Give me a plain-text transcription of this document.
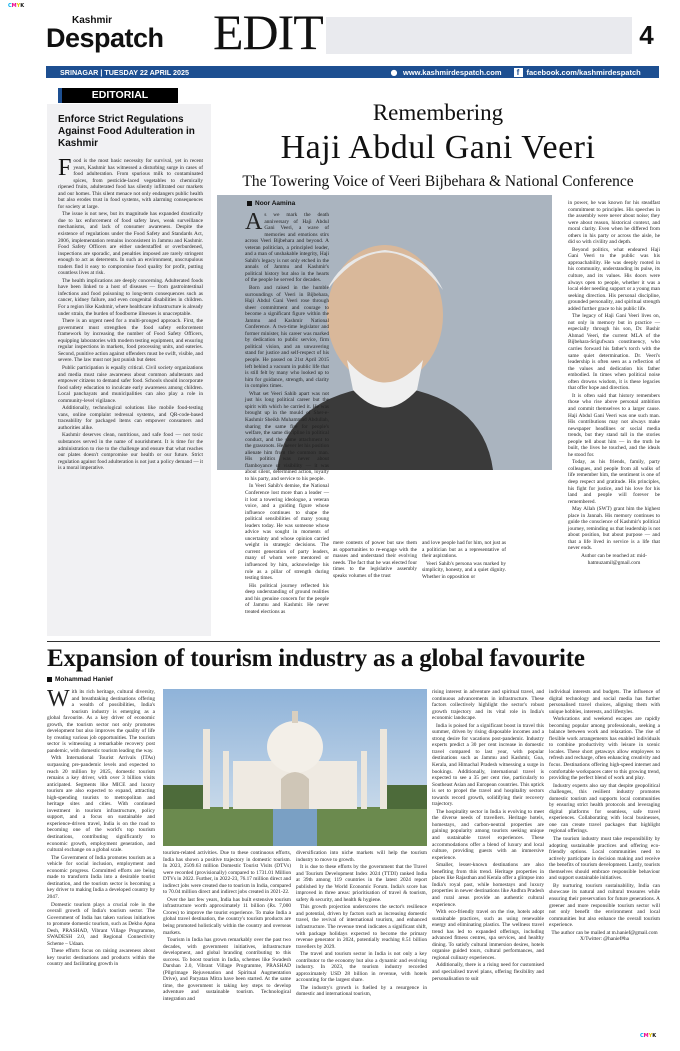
C M Y K
Kashmir
Despatch EDIT	4
SRINAGAR | TUESDAY 22 APRIL 2025	● www.kashmirdespatch.com	f facebook.com/kashmirdespatch
EDITORIAL
Enforce Strict Regulations Against Food Adulteration in Kashmir

Food is the most basic necessity for survival, yet in recent years, Kashmir has witnessed a disturbing surge in cases of food adulteration. From spurious milk to contaminated spices, from pesticide-laced vegetables to chemically ripened fruits, adulterated food has silently infiltrated our markets and our homes. This silent menace not only endangers public health but also erodes trust in food systems, with alarming consequences for society at large.

The issue is not new, but its magnitude has expanded drastically due to lax enforcement of food safety laws, weak surveillance mechanisms, and lack of consumer awareness. Despite the existence of regulations under the Food Safety and Standards Act, 2006, implementation remains inconsistent in Jammu and Kashmir. Food Safety Officers are either understaffed or overburdened, inspections are sporadic, and penalties imposed are rarely stringent enough to act as deterrents. In such an environment, unscrupulous traders find it easy to compromise food quality for profit, putting countless lives at risk.

The health implications are deeply concerning. Adulterated foods have been linked to a host of diseases — from gastrointestinal infections and food poisoning to long-term consequences such as cancer, kidney failure, and even congenital disabilities in children. For a region like Kashmir, where healthcare infrastructure is already under strain, the burden of foodborne illnesses is unacceptable.

There is an urgent need for a multi-pronged approach. First, the government must strengthen the food safety enforcement framework by increasing the number of Food Safety Officers, equipping laboratories with modern testing equipment, and ensuring regular inspections in markets, food processing units, and eateries. Second, punitive action against offenders must be swift, visible, and severe. The law must not just punish but deter.

Public participation is equally critical. Civil society organizations and media must raise awareness about common adulterants and empower citizens to demand safer food. Schools should incorporate food safety education to inculcate early awareness among children. Local panchayats and municipalities can also play a role in community-level vigilance.

Additionally, technological solutions like mobile food-testing vans, online complaint redressal systems, and QR-code-based traceability for packaged items can empower consumers and authorities alike.

Kashmir deserves clean, nutritious, and safe food — not toxic substances served in the name of nourishment. It is time for the administration to rise to the challenge and ensure that what reaches our plates doesn't compromise our health or our future. Strict regulation against food adulteration is not just a policy demand — it is a moral imperative.

Remembering
Haji Abdul Gani Veeri
The Towering Voice of Veeri Bijbehara & National Conference
Noor Aamina

As we mark the death anniversary of Haji Abdul Gani Veeri, a wave of memories and emotions stirs across Veeri Bijbehara and beyond. A veteran politician, a principled leader, and a man of unshakable integrity, Haji Sahib's legacy is not only etched in the annals of Jammu and Kashmir's political history but also in the hearts of the people he served for decades.

Born and raised in the humble surroundings of Veeri in Bijbehara, Haji Abdul Gani Veeri rose through sheer commitment and courage to become a significant figure within the Jammu and Kashmir National Conference. A two-time legislator and former minister, his career was marked by dedication to public service, firm political vision, and an unwavering stand for justice and self-respect of his people. He passed on 21st April 2015 left behind a vacuum in public life that is still felt by many who looked up to him for guidance, strength, and clarity in complex times.

What set Veeri Sahib apart was not just his long political career but the spirit with which he carried it. He was brought up in the mould of Sher-e-Kashmir Sheikh Muhammad Abdullah, sharing the same fire for people's welfare, the same discipline in political conduct, and the same attachment to the grassroots. He never let his position alienate him from the common man. His politics was never about flamboyance or visibility — it was about silent, determined action, loyalty to his party, and service to his people.

In Veeri Sahib's demise, the National Conference lost more than a leader — it lost a towering ideologue, a veteran voice, and a guiding figure whose influence continues to shape the political sensibilities of many young leaders today. He was someone whose advice was sought in moments of uncertainty and whose opinion carried weight in strategic decisions. The current generation of party leaders, many of whom were mentored or influenced by him, acknowledge his role as a pillar of strength during testing times.

His political journey reflected his deep understanding of ground realities and his genuine concern for the people of Jammu and Kashmir. He never treated elections as

mere contests of power but saw them as opportunities to re-engage with the masses and understand their evolving needs. The fact that he was elected four times to the legislative assembly speaks volumes of the trust

and love people had for him, not just as a politician but as a representative of their aspirations.

Veeri Sahib's persona was marked by simplicity, honesty, and a quiet dignity. Whether in opposition or

in power, he was known for his steadfast commitment to principles. His speeches in the assembly were never about noise; they were about reason, historical context, and moral clarity. Even when he differed from others in his party or across the aisle, he did so with civility and depth.

Beyond politics, what endeared Haji Gani Veeri to the public was his approachability. He was deeply rooted in his community, understanding its pulse, its culture, and its values. His doors were always open to people, whether it was a local elder needing support or a young man seeking direction. His personal discipline, grounded personality, and spiritual strength added further grace to his public life.

The legacy of Haji Gani Veeri lives on, not only in memory but in practice — especially through his son, Dr. Bashir Ahmad Veeri, the current MLA of the Bijbehara-Srigufwara constituency, who carries forward his father's torch with the same quiet determination. Dr. Veeri's leadership is often seen as a reflection of the values and dedication his father embodied. In times when political noise often drowns wisdom, it is these legacies that offer hope and direction.

It is often said that history remembers those who rise above personal ambition and commit themselves to a larger cause. Haji Abdul Gani Veeri was one such man. His contributions may not always make newspaper headlines or social media trends, but they stand tall in the stories people tell about him — in the truth he built, the lives he touched, and the ideals he stood for.

Today, as his friends, family, party colleagues, and people from all walks of life remember him, the sentiment is one of deep respect and gratitude. His principles, his fight for justice, and his love for his land and people will forever be remembered.

May Allah (SWT) grant him the highest place in Jannah. His memory continues to guide the conscience of Kashmir's political journey, reminding us that leadership is not about position, but about purpose — and that a life lived in service is a life that never ends.

Author can be reached at: mid-hatmuzamil@gmail.com

Expansion of tourism industry as a global favourite
Mohammad Hanief

With its rich heritage, cultural diversity, and breathtaking destinations offering a wealth of possibilities, India's tourism industry is emerging as a global favourite. As a key driver of economic growth, the tourism sector not only promotes development but also improves the quality of life by creating various job opportunities. The tourism sector is witnessing a remarkable recovery post pandemic, with domestic tourism leading the way.

With International Tourist Arrivals (ITAs) surpassing pre-pandemic levels and expected to reach 20 million by 2025, domestic tourism remains a key driver, with over 3 billion visits anticipated. Segments like MICE and luxury tourism are also expected to expand, attracting high-spending tourists to metropolitan and heritage sites and cities. With continued investment in tourism infrastructure, policy support, and a focus on sustainable and experience-driven travel, India is on the road to becoming one of the world's top tourism destinations, contributing significantly to economic growth, employment generation, and cultural exchange on a global scale.

The Government of India promotes tourism as a vehicle for social inclusion, employment and economic progress. Committed efforts are being made to transform India into a desirable tourist destination, and the tourism sector is becoming a key driver to making India a developed country by 2047.

Domestic tourism plays a crucial role in the overall growth of India's tourism sector. The Government of India has taken various initiatives to promote domestic tourism, such as Dekho Apna Desh, PRASHAD, Vibrant Village Programme, SWADESH 2.0, and Regional Connectivity Scheme – Udaan.

These efforts focus on raising awareness about key tourist destinations and products within the country and facilitating growth in

tourism-related activities. Due to these continuous efforts, India has shown a positive trajectory in domestic tourism. In 2023, 2509.63 million Domestic Tourist Visits (DTVs) were recorded (provisionally) compared to 1731.01 Million DTVs in 2022. Further, in 2022-23, 76.17 million direct and indirect jobs were created due to tourism in India, compared to 70.04 million direct and indirect jobs created in 2021-22.

Over the last few years, India has built extensive tourism infrastructure worth approximately 11 billion (Rs. 7,000 Crores) to improve the tourist experience. To make India a global travel destination, the country's tourism products are being promoted holistically within the country and overseas markets.

Tourism in India has grown remarkably over the past two decades, with government initiatives, infrastructure development, and global branding contributing to this success. To boost tourism in India, schemes like Swadesh Darshan 2.0, Vibrant Village Programme, PRASHAD (Pilgrimage Rejuvenation and Spiritual Augmentation Drive), and Paryatan Mitra have been started. At the same time, the government is taking key steps to develop adventure and sustainable tourism. Technological integration and

diversification into niche markets will help the tourism industry to move to growth.

It is due to these efforts by the government that the Travel and Tourism Development Index 2024 (TTDI) ranked India at 39th among 119 countries in the latest 2024 report published by the World Economic Forum. India's score has improved in three areas: prioritisation of travel & tourism, safety & security, and health & hygiene.

This growth projection underscores the sector's resilience and potential, driven by factors such as increasing domestic travel, the revival of international tourism, and enhanced infrastructure. The revenue trend indicates a significant shift, with package holidays expected to become the primary revenue generator in 2024, potentially reaching 8.51 billion travellers by 2029.

The travel and tourism sector in India is not only a key contributor to the economy but also a dynamic and evolving industry. In 2023, the tourism industry recorded approximately USD 28 billion in revenue, with hotels accounting for the largest share.

The industry's growth is fuelled by a resurgence in domestic and international tourism,

rising interest in adventure and spiritual travel, and continuous advancements in infrastructure. These factors collectively highlight the sector's robust growth trajectory and its vital role in India's economic landscape.

India is poised for a significant boost in travel this summer, driven by rising disposable incomes and a strong desire for vacations post-pandemic. Industry experts predict a 30 per cent increase in domestic travel compared to last year, with popular destinations such as Jammu and Kashmir, Goa, Kerala, and Himachal Pradesh witnessing a surge in bookings. Additionally, international travel is expected to see a 35 per cent rise, particularly to Southeast Asian and European countries. This uptick is set to propel the travel and hospitality sectors towards record growth, solidifying their recovery trajectory.

The hospitality sector in India is evolving to meet the diverse needs of travellers. Heritage hotels, homestays, and carbon-neutral properties are gaining popularity among tourists seeking unique and sustainable travel experiences. These accommodations offer a blend of luxury and local culture, providing guests with an immersive experience.

Smaller, lesser-known destinations are also benefiting from this trend. Heritage properties in places like Rajasthan and Kerala offer a glimpse into India's royal past, while homestays and luxury properties in newer destinations like Andhra Pradesh and rural areas provide an authentic cultural experience.

With eco-friendly travel on the rise, hotels adopt sustainable practices, such as using renewable energy and eliminating plastics. The wellness travel trend has led to expanded offerings, including advanced fitness centres, spa services, and healthy dining. To satisfy cultural immersion desires, hotels organise guided tours, cultural performances, and regional culinary experiences.

Additionally, there is a rising need for customised and specialised travel plans, offering flexibility and personalisation to suit

individual interests and budgets. The influence of digital technology and social media has further personalised travel choices, aligning them with unique hobbies, interests, and lifestyles.

Workcations and weekend escapes are rapidly becoming popular among professionals, seeking a balance between work and relaxation. The rise of flexible work arrangements has enabled individuals to combine productivity with leisure in scenic locales. These short getaways allow employees to refresh and recharge, often enhancing creativity and focus. Destinations offering high-speed internet and comfortable workspaces cater to this growing trend, providing the perfect blend of work and play.

Industry experts also say that despite geopolitical challenges, this resilient industry promotes domestic tourism and supports local communities by ensuring strict health protocols and leveraging digital platforms for seamless, safe travel experiences. Collaborating with local businesses, one can create travel packages that highlight regional offerings.

The tourism industry must take responsibility by adopting sustainable practices and offering eco-friendly options. Local communities need to actively participate in decision making and receive the benefits of tourism development. Lastly, tourists themselves should embrace responsible behaviour and support sustainable initiatives.

By nurturing tourism sustainability, India can showcase its natural and cultural treasures while ensuring their preservation for future generations. A greener and more responsible tourism sector will not only benefit the environment and local communities but also enhance the overall tourism experience.

The author can be mailed at m.hanief@gmail.com X/Twitter: @hanief#ha

C M Y K
